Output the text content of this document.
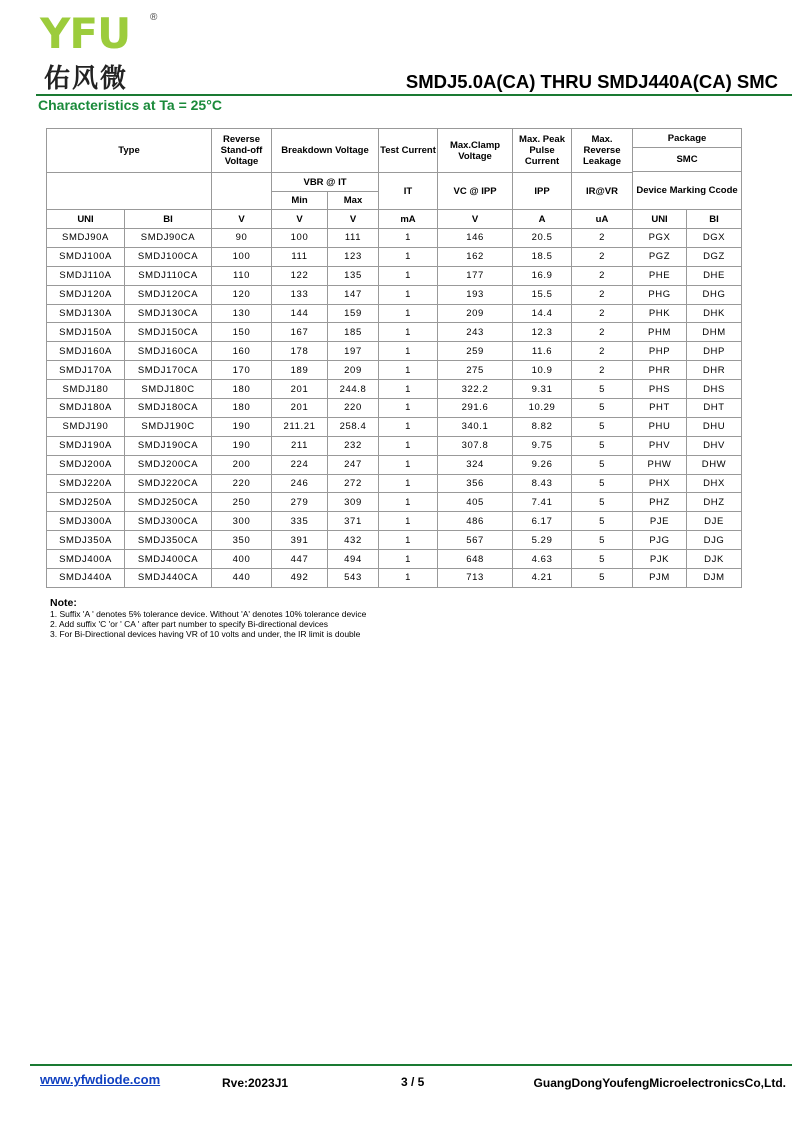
YFU ®
佑风微	SMDJ5.0A(CA) THRU SMDJ440A(CA) SMC
Characteristics at Ta = 25°C
Type		Reverse Stand-off Voltage	Breakdown Voltage		Test Current	Max.Clamp Voltage	Max. Peak Pulse Current	Max. Reverse Leakage	Package	
									SMC	
									Device Marking Ccode	
			VBR @ IT		IT	VC @ IPP	IPP	IR@VR		
			Min	Max						
UNI	BI	V	V	V	mA	V	A	uA	UNI	BI
SMDJ90A	SMDJ90CA	90	100	111	1	146	20.5	2	PGX	DGX
SMDJ100A	SMDJ100CA	100	111	123	1	162	18.5	2	PGZ	DGZ
SMDJ110A	SMDJ110CA	110	122	135	1	177	16.9	2	PHE	DHE
SMDJ120A	SMDJ120CA	120	133	147	1	193	15.5	2	PHG	DHG
SMDJ130A	SMDJ130CA	130	144	159	1	209	14.4	2	PHK	DHK
SMDJ150A	SMDJ150CA	150	167	185	1	243	12.3	2	PHM	DHM
SMDJ160A	SMDJ160CA	160	178	197	1	259	11.6	2	PHP	DHP
SMDJ170A	SMDJ170CA	170	189	209	1	275	10.9	2	PHR	DHR
SMDJ180	SMDJ180C	180	201	244.8	1	322.2	9.31	5	PHS	DHS
SMDJ180A	SMDJ180CA	180	201	220	1	291.6	10.29	5	PHT	DHT
SMDJ190	SMDJ190C	190	211.21	258.4	1	340.1	8.82	5	PHU	DHU
SMDJ190A	SMDJ190CA	190	211	232	1	307.8	9.75	5	PHV	DHV
SMDJ200A	SMDJ200CA	200	224	247	1	324	9.26	5	PHW	DHW
SMDJ220A	SMDJ220CA	220	246	272	1	356	8.43	5	PHX	DHX
SMDJ250A	SMDJ250CA	250	279	309	1	405	7.41	5	PHZ	DHZ
SMDJ300A	SMDJ300CA	300	335	371	1	486	6.17	5	PJE	DJE
SMDJ350A	SMDJ350CA	350	391	432	1	567	5.29	5	PJG	DJG
SMDJ400A	SMDJ400CA	400	447	494	1	648	4.63	5	PJK	DJK
SMDJ440A	SMDJ440CA	440	492	543	1	713	4.21	5	PJM	DJM
Note:
1. Suffix 'A ' denotes 5% tolerance device. Without 'A' denotes 10% tolerance device
2. Add suffix 'C 'or ' CA ' after part number to specify Bi-directional devices
3. For Bi-Directional devices having VR of 10 volts and under, the IR limit is double
www.yfwdiode.com	Rve:2023J1	3 / 5	GuangDongYoufengMicroelectronicsCo,Ltd.
